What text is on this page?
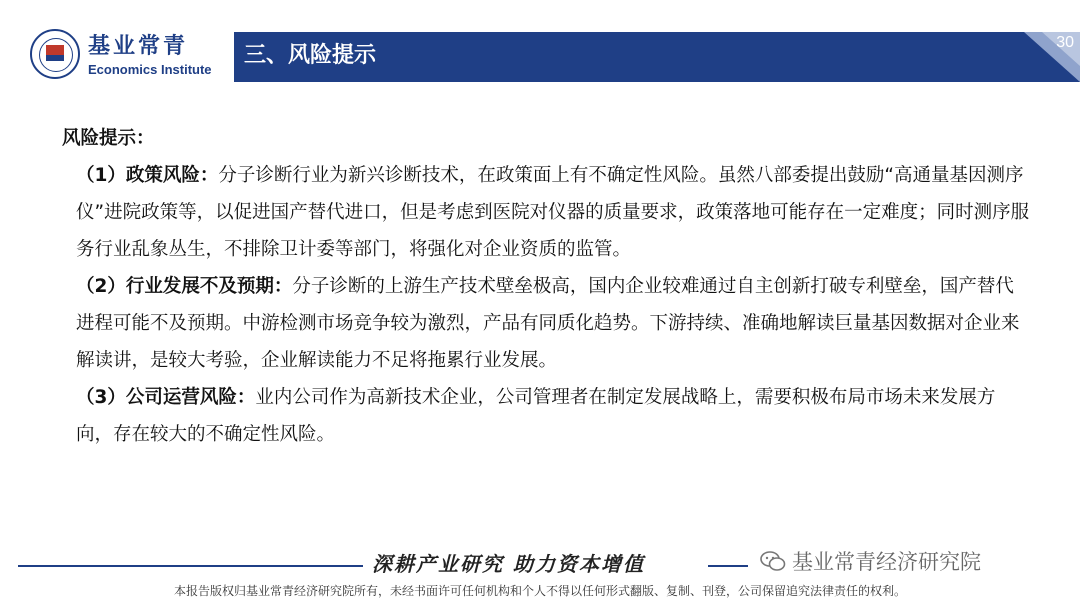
基业常青
Economics Institute
三、风险提示
30

风险提示：

（1）政策风险：分子诊断行业为新兴诊断技术，在政策面上有不确定性风险。虽然八部委提出鼓励“高通量基因测序仪”进院政策等，以促进国产替代进口，但是考虑到医院对仪器的质量要求，政策落地可能存在一定难度；同时测序服务行业乱象丛生，不排除卫计委等部门，将强化对企业资质的监管。

（2）行业发展不及预期：分子诊断的上游生产技术壁垒极高，国内企业较难通过自主创新打破专利壁垒，国产替代进程可能不及预期。中游检测市场竞争较为激烈，产品有同质化趋势。下游持续、准确地解读巨量基因数据对企业来解读讲，是较大考验，企业解读能力不足将拖累行业发展。

（3）公司运营风险：业内公司作为高新技术企业，公司管理者在制定发展战略上，需要积极布局市场未来发展方向，存在较大的不确定性风险。

深耕产业研究 助力资本增值	基业常青经济研究院
本报告版权归基业常青经济研究院所有，未经书面许可任何机构和个人不得以任何形式翻版、复制、刊登，公司保留追究法律责任的权利。
